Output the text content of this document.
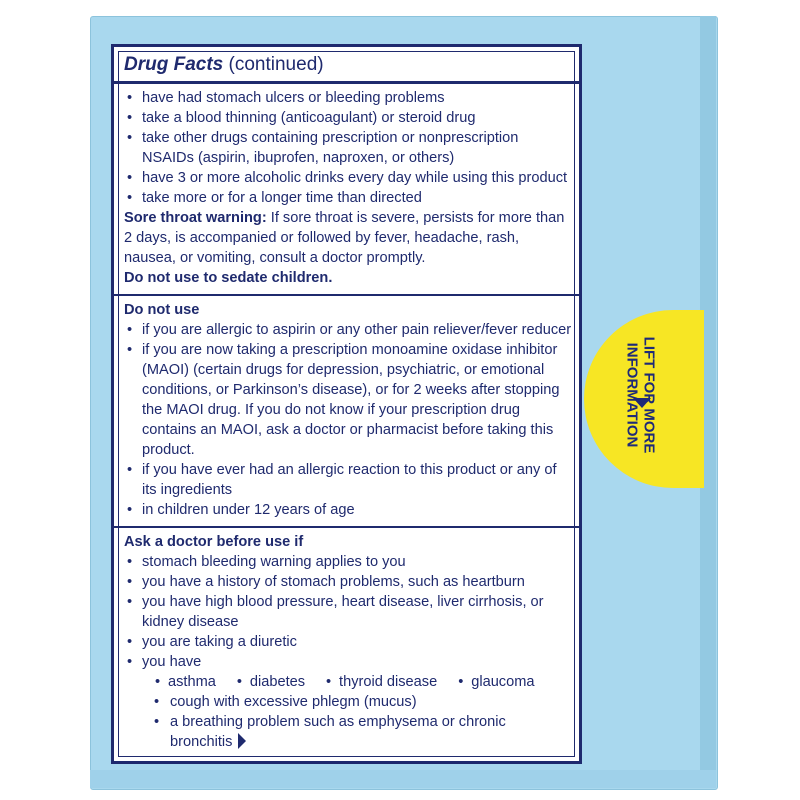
LIFT FOR MORE
INFORMATION
Drug Facts (continued)
• have had stomach ulcers or bleeding problems
• take a blood thinning (anticoagulant) or steroid drug
• take other drugs containing prescription or nonprescription NSAIDs (aspirin, ibuprofen, naproxen, or others)
• have 3 or more alcoholic drinks every day while using this product
• take more or for a longer time than directed
Sore throat warning: If sore throat is severe, persists for more than 2 days, is accompanied or followed by fever, headache, rash, nausea, or vomiting, consult a doctor promptly.
Do not use to sedate children.
Do not use
• if you are allergic to aspirin or any other pain reliever/fever reducer
• if you are now taking a prescription monoamine oxidase inhibitor (MAOI) (certain drugs for depression, psychiatric, or emotional conditions, or Parkinson’s disease), or for 2 weeks after stopping the MAOI drug. If you do not know if your prescription drug contains an MAOI, ask a doctor or pharmacist before taking this product.
• if you have ever had an allergic reaction to this product or any of its ingredients
• in children under 12 years of age
Ask a doctor before use if
• stomach bleeding warning applies to you
• you have a history of stomach problems, such as heartburn
• you have high blood pressure, heart disease, liver cirrhosis, or kidney disease
• you are taking a diuretic
• you have
• asthma	• diabetes	• thyroid disease	• glaucoma
• cough with excessive phlegm (mucus)
• a breathing problem such as emphysema or chronic bronchitis
